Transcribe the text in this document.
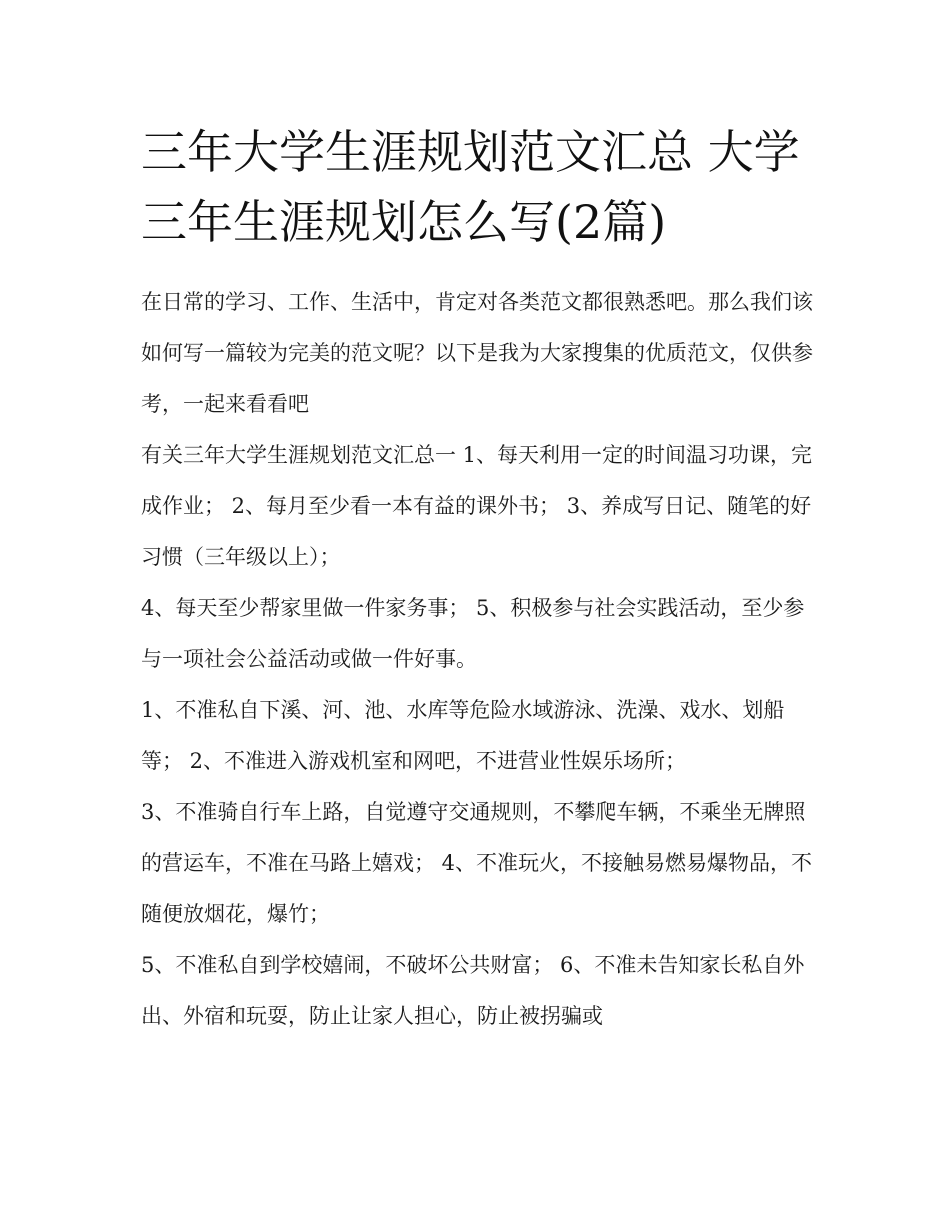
三年大学生涯规划范文汇总 大学三年生涯规划怎么写(2篇)

在日常的学习、工作、生活中，肯定对各类范文都很熟悉吧。那么我们该如何写一篇较为完美的范文呢？以下是我为大家搜集的优质范文，仅供参考，一起来看看吧

有关三年大学生涯规划范文汇总一 1、每天利用一定的时间温习功课，完成作业； 2、每月至少看一本有益的课外书； 3、养成写日记、随笔的好习惯（三年级以上）；

4、每天至少帮家里做一件家务事； 5、积极参与社会实践活动，至少参与一项社会公益活动或做一件好事。

1、不准私自下溪、河、池、水库等危险水域游泳、洗澡、戏水、划船等； 2、不准进入游戏机室和网吧，不进营业性娱乐场所；

3、不准骑自行车上路，自觉遵守交通规则，不攀爬车辆，不乘坐无牌照的营运车，不准在马路上嬉戏； 4、不准玩火，不接触易燃易爆物品，不随便放烟花，爆竹；

5、不准私自到学校嬉闹，不破坏公共财富； 6、不准未告知家长私自外出、外宿和玩耍，防止让家人担心，防止被拐骗或
